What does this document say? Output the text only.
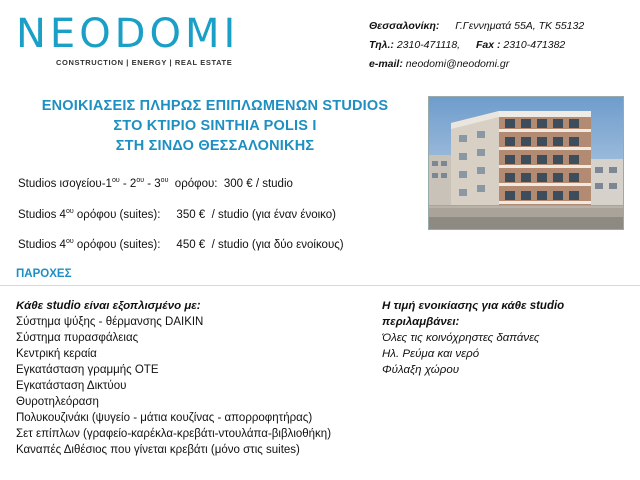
NEODOMI
CONSTRUCTION | ENERGY | REAL ESTATE
Θεσσαλονίκη: Γ.Γεννηματά 55Α, ΤΚ 55132
Τηλ.: 2310-471118, Fax : 2310-471382
e-mail: neodomi@neodomi.gr
ΕΝΟΙΚΙΑΣΕΙΣ ΠΛΗΡΩΣ ΕΠΙΠΛΩΜΕΝΩΝ STUDIOS
ΣΤΟ ΚΤΙΡΙΟ SINTHIA POLIS I
ΣΤΗ ΣΙΝΔΟ ΘΕΣΣΑΛΟΝΙΚΗΣ
Studios ισογείου-$1^{o\upsilon} - 2^{o\upsilon} - 3^{o\upsilon}$  ορόφου:  300 € / studio
Studios $4^{o\upsilon}$ ορόφου (suites):     350 €  / studio (για έναν ένοικο)
Studios $4^{o\upsilon}$ ορόφου (suites):     450 €  / studio (για δύο ενοίκους)
ΠΑΡΟΧΕΣ
Κάθε studio είναι εξοπλισμένο με:
Σύστημα ψύξης - θέρμανσης DAIKIN
Σύστημα πυρασφάλειας
Κεντρική κεραία
Εγκατάσταση γραμμής ΟΤΕ
Εγκατάσταση Δικτύου
Θυροτηλεόραση
Πολυκουζινάκι (ψυγείο - μάτια κουζίνας - απορροφητήρας)
Σετ επίπλων (γραφείο-καρέκλα-κρεβάτι-ντουλάπα-βιβλιοθήκη)
Καναπές Διθέσιος που γίνεται κρεβάτι (μόνο στις suites)
Η τιμή ενοικίασης για κάθε studio
περιλαμβάνει:
Όλες τις κοινόχρηστες δαπάνες
Ηλ. Ρεύμα και νερό
Φύλαξη χώρου
